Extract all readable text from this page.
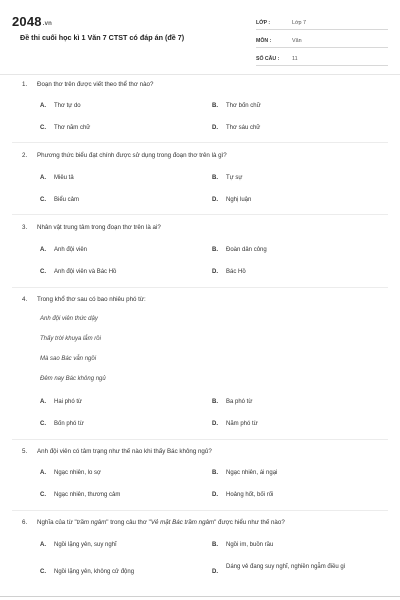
2048.vn
Đề thi cuối học kì 1 Văn 7 CTST có đáp án (đề 7)
LỚP :	Lớp 7
MÔN :	Văn
SỐ CÂU :	11
1. Đoạn thơ trên được viết theo thể thơ nào?
A. Thơ tự do	B. Thơ bốn chữ
C. Thơ năm chữ	D. Thơ sáu chữ
2. Phương thức biểu đạt chính được sử dụng trong đoạn thơ trên là gì?
A. Miêu tả	B. Tự sự
C. Biểu cảm	D. Nghị luận
3. Nhân vật trung tâm trong đoạn thơ trên là ai?
A. Anh đội viên	B. Đoàn dân công
C. Anh đội viên và Bác Hồ	D. Bác Hồ
4. Trong khổ thơ sau có bao nhiêu phó từ:
Anh đội viên thức dậy
Thấy trời khuya lắm rồi
Mà sao Bác vẫn ngồi
Đêm nay Bác không ngủ
A. Hai phó từ	B. Ba phó từ
C. Bốn phó từ	D. Năm phó từ
5. Anh đội viên có tâm trạng như thế nào khi thấy Bác không ngủ?
A. Ngạc nhiên, lo sợ	B. Ngạc nhiên, ái ngại
C. Ngạc nhiên, thương cảm	D. Hoảng hốt, bối rối
6. Nghĩa của từ "trầm ngâm" trong câu thơ "Vẻ mặt Bác trầm ngâm" được hiểu như thế nào?
A. Ngồi lặng yên, suy nghĩ	B. Ngồi im, buồn rầu
C. Ngồi lặng yên, không cử động	D.
Dáng vẻ đang suy nghĩ, nghiền ngẫm điều gì
